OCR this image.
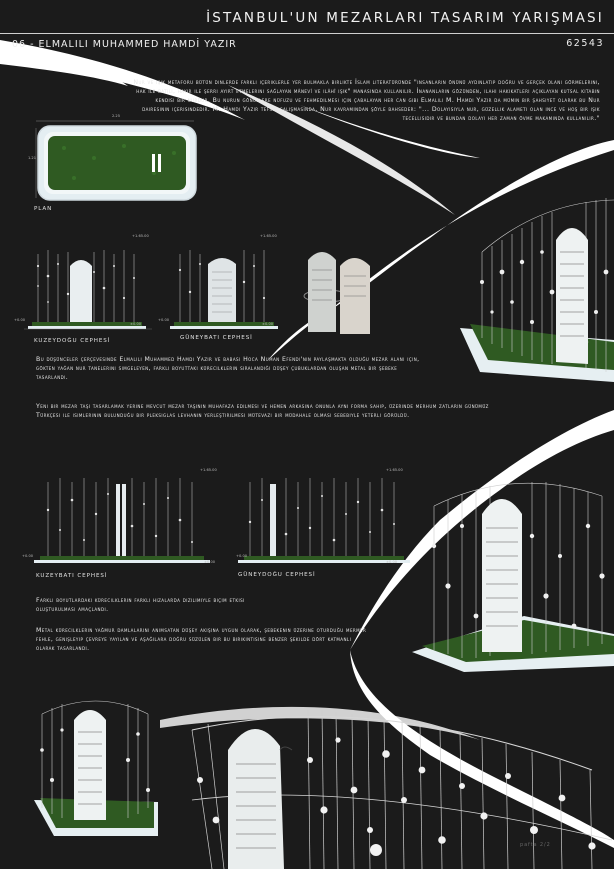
İSTANBUL'UN MEZARLARI TASARIM YARIŞMASI
06 - ELMALILI MUHAMMED HAMDİ YAZIR	62543

Nur ve ışık metaforu bütün dinlerde farklı içeriklerle yer bulmakla birlikte İslam literatüründe "insanların önünü aydınlatıp doğru ve gerçek olanı görmelerini, hak ile batılı, hayır ile şerri ayırt etmelerini sağlayan mânevî ve ilâhî ışık" manasında kullanılır. İnananların gözünden, ilahi hakikatleri açıklayan kutsal kitabın kendisi bir nurdur. Bu nurun gönüllere nüfuzu ve fehmedilmesi için çabalayan her can gibi Elmalılı M. Hamdi Yazır da mümin bir şahsiyet olarak bu Nur dairesinin içerisindedir. M. Hamdi Yazır tefsir çalışmasında, Nur kavramından şöyle bahseder: "... Dolayısıyla nur, güzellik alameti olan ince ve hoş bir ışık tecellisidir ve bundan dolayı her zaman övme makamında kullanılır."

2.25
1.21
PLAN
+1.65.00
+0.00
±0.00
KUZEYDOĞU CEPHESİ
+1.65.00
+0.00
±0.00
GÜNEYBATI CEPHESİ

Bu düşünceler çerçevesinde Elmalılı Muhammed Hamdi Yazır ve babası Hoca Numan Efendi'nin paylaşmakta olduğu mezar alanı için, gökten yağan nur tanelerini simgeleyen, farklı boyuttaki kürecilklerin sıralandığı düşey çubuklardan oluşan metal bir şebeke tasarlandı.

Yeni bir mezar taşı tasarlamak yerine mevcut mezar taşının muhafaza edilmesi ve hemen arkasına onunla aynı forma sahip, üzerinde merhum zatların günümüz Türkçesi ile isimlerinin bulunduğu bir pleksiglas levhanın yerleştirilmesi mütevazı bir müdahale olması sebebiyle yeterli görüldü.

+1.65.00
+0.00
±0.00
KUZEYBATI CEPHESİ
+1.65.00
+0.00
±0.00
GÜNEYDOĞU CEPHESİ

Farklı boyutlardaki kürecilklerin farklı hizalarda dizilimiyle biçim etkisi oluşturulması amaçlandı.

Metal kürecilklerin yağmur damlalarını anımsatan düşey akışına uygun olarak, şebekenin üzerine oturduğu mermer fehle, genişleyip çevreye yayılan ve aşağılara doğru süzülen bir bu birikintisine benzer şekilde dört katmanlı olarak tasarlandı.

pafta 2/2
